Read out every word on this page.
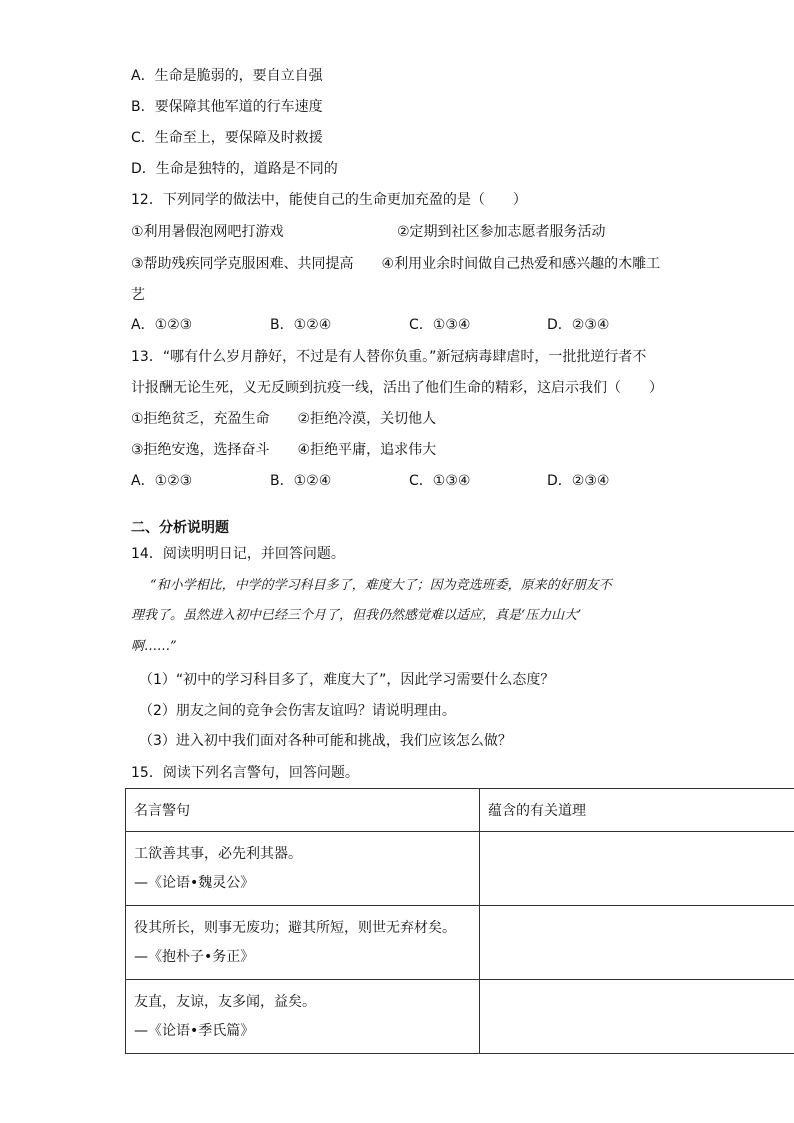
A．生命是脆弱的，要自立自强
B．要保障其他军道的行车速度
C．生命至上，要保障及时救援
D．生命是独特的，道路是不同的
12．下列同学的做法中，能使自己的生命更加充盈的是（　　）
①利用暑假泡网吧打游戏	②定期到社区参加志愿者服务活动
③帮助残疾同学克服困难、共同提高　　④利用业余时间做自己热爱和感兴趣的木雕工
艺
A．①②③	B．①②④	C．①③④	D．②③④
13．“哪有什么岁月静好，不过是有人替你负重。”新冠病毒肆虐时，一批批逆行者不
计报酬无论生死，义无反顾到抗疫一线，活出了他们生命的精彩，这启示我们（　　）
①拒绝贫乏，充盈生命　　②拒绝冷漠，关切他人
③拒绝安逸，选择奋斗　　④拒绝平庸，追求伟大
A．①②③	B．①②④	C．①③④	D．②③④
二、分析说明题
14．阅读明明日记，并回答问题。
“和小学相比，中学的学习科目多了，难度大了；因为竞选班委，原来的好朋友不
理我了。虽然进入初中已经三个月了，但我仍然感觉难以适应，真是‘压力山大’
啊……”
（1）“初中的学习科目多了，难度大了”，因此学习需要什么态度？
（2）朋友之间的竞争会伤害友谊吗？请说明理由。
（3）进入初中我们面对各种可能和挑战，我们应该怎么做？
15．阅读下列名言警句，回答问题。
名言警句	蕴含的有关道理

工欲善其事，必先利其器。
—《论语•魏灵公》	

役其所长，则事无废功；避其所短，则世无弃材矣。
—《抱朴子•务正》	

友直，友谅，友多闻，益矣。
—《论语•季氏篇》	
